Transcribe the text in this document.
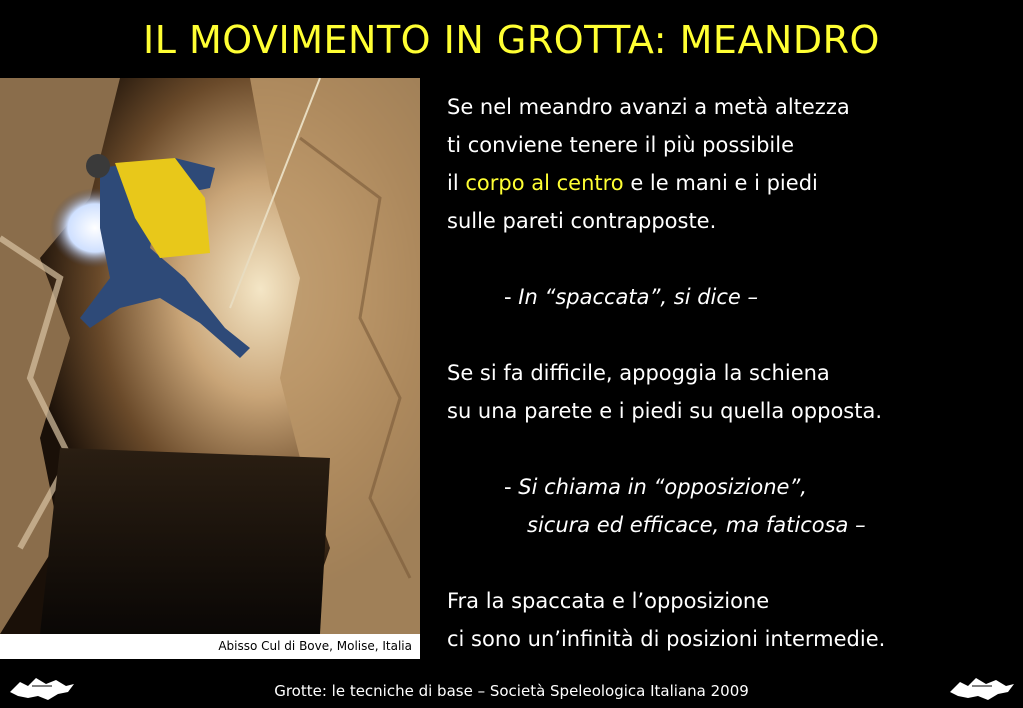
IL MOVIMENTO IN GROTTA: MEANDRO
Abisso Cul di Bove, Molise, Italia

Se nel meandro avanzi a metà altezza

ti conviene tenere il più possibile

il corpo al centro e le mani e i piedi

sulle pareti contrapposte.

- In “spaccata”, si dice –

Se si fa difficile, appoggia la schiena

su una parete e i piedi su quella opposta.

- Si chiama in “opposizione”,

sicura ed efficace, ma faticosa –

Fra la spaccata e l’opposizione

ci sono un’infinità di posizioni intermedie.

Grotte: le tecniche di base – Società Speleologica Italiana 2009
